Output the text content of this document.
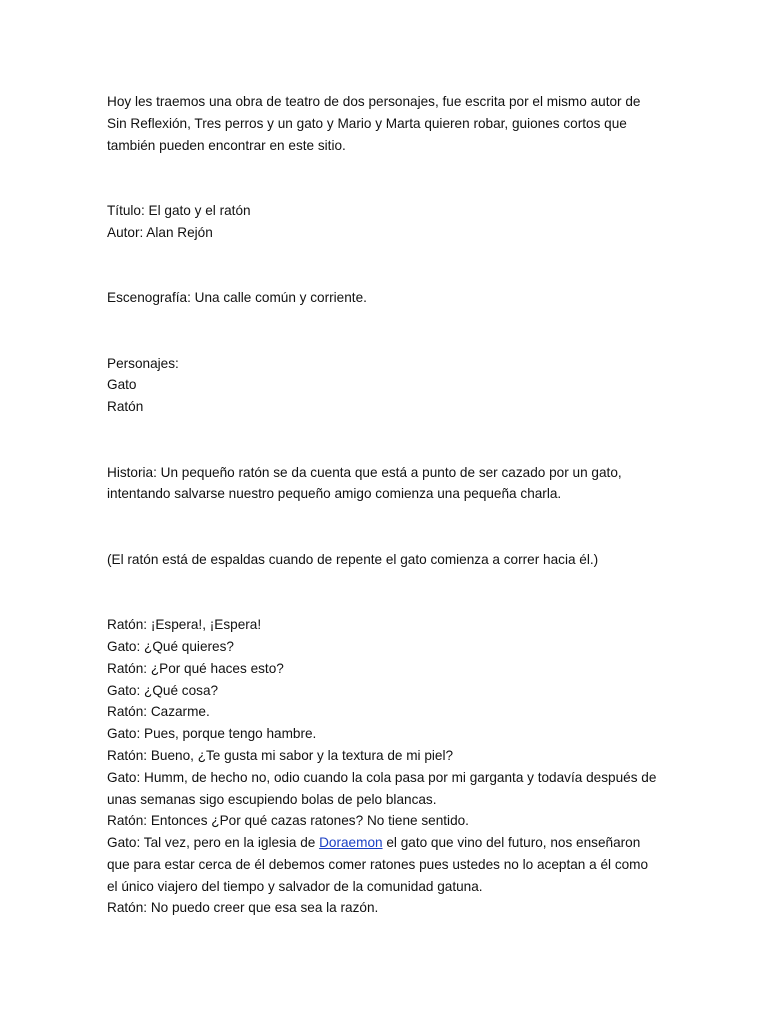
Hoy les traemos una obra de teatro de dos personajes, fue escrita por el mismo autor de
Sin Reflexión, Tres perros y un gato y Mario y Marta quieren robar, guiones cortos que
también pueden encontrar en este sitio.

Título: El gato y el ratón
Autor: Alan Rejón

Escenografía: Una calle común y corriente.

Personajes:
Gato
Ratón

Historia: Un pequeño ratón se da cuenta que está a punto de ser cazado por un gato,
intentando salvarse nuestro pequeño amigo comienza una pequeña charla.

(El ratón está de espaldas cuando de repente el gato comienza a correr hacia él.)

Ratón: ¡Espera!, ¡Espera!
Gato: ¿Qué quieres?
Ratón: ¿Por qué haces esto?
Gato: ¿Qué cosa?
Ratón: Cazarme.
Gato: Pues, porque tengo hambre.
Ratón: Bueno, ¿Te gusta mi sabor y la textura de mi piel?
Gato: Humm, de hecho no, odio cuando la cola pasa por mi garganta y todavía después de
unas semanas sigo escupiendo bolas de pelo blancas.
Ratón: Entonces ¿Por qué cazas ratones? No tiene sentido.
Gato: Tal vez, pero en la iglesia de Doraemon el gato que vino del futuro, nos enseñaron
que para estar cerca de él debemos comer ratones pues ustedes no lo aceptan a él como
el único viajero del tiempo y salvador de la comunidad gatuna.
Ratón: No puedo creer que esa sea la razón.
